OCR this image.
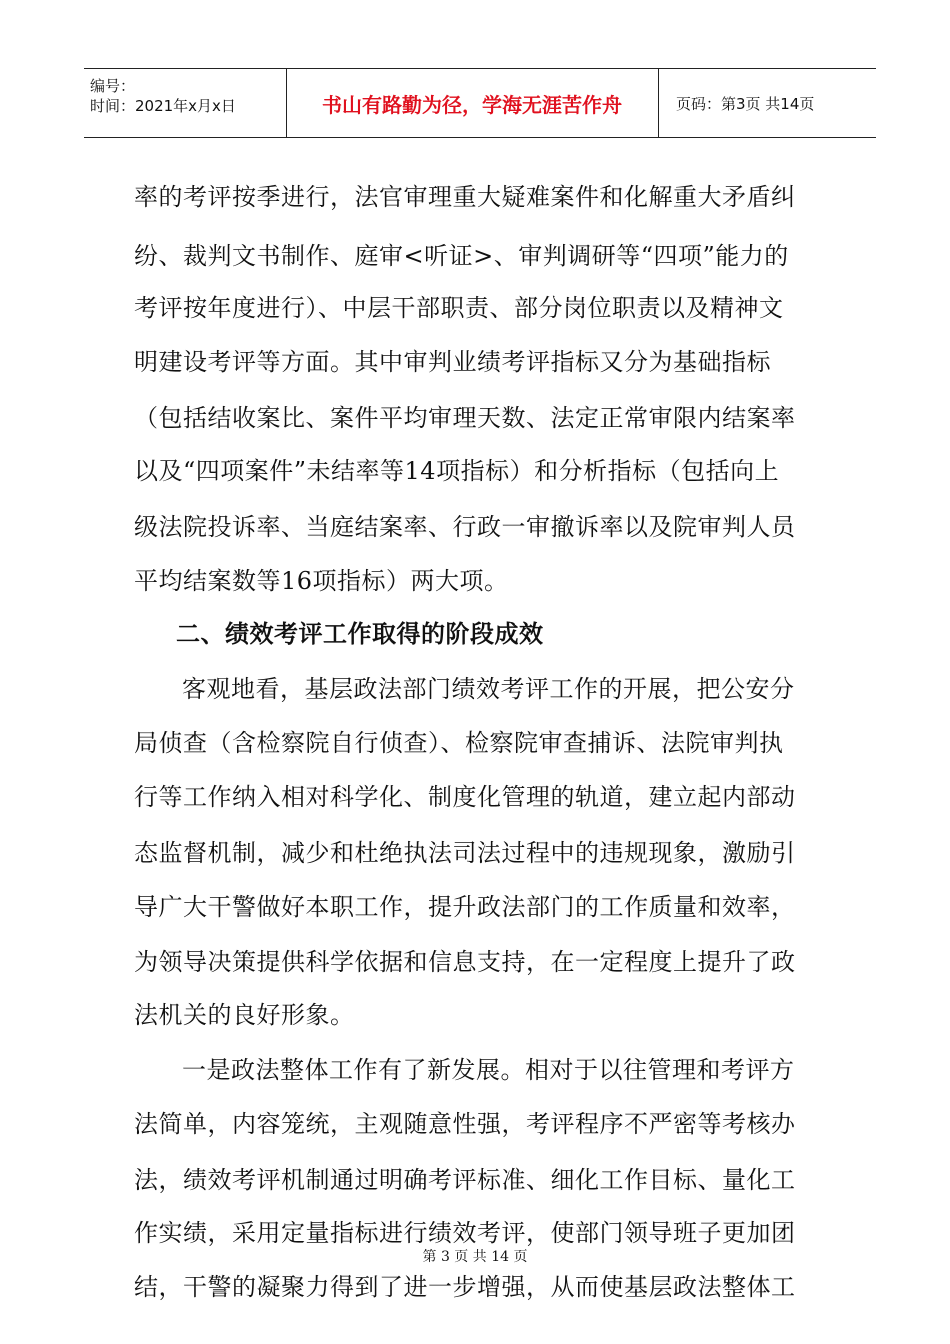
编号：
时间：2021年x月x日	书山有路勤为径，学海无涯苦作舟	页码：第3页 共14页
率的考评按季进行，法官审理重大疑难案件和化解重大矛盾纠
纷、裁判文书制作、庭审<听证>、审判调研等“四项”能力的
考评按年度进行）、中层干部职责、部分岗位职责以及精神文
明建设考评等方面。其中审判业绩考评指标又分为基础指标
（包括结收案比、案件平均审理天数、法定正常审限内结案率
以及“四项案件”未结率等14项指标）和分析指标（包括向上
级法院投诉率、当庭结案率、行政一审撤诉率以及院审判人员
平均结案数等16项指标）两大项。
二、绩效考评工作取得的阶段成效
客观地看，基层政法部门绩效考评工作的开展，把公安分
局侦查（含检察院自行侦查）、检察院审查捕诉、法院审判执
行等工作纳入相对科学化、制度化管理的轨道，建立起内部动
态监督机制，减少和杜绝执法司法过程中的违规现象，激励引
导广大干警做好本职工作，提升政法部门的工作质量和效率，
为领导决策提供科学依据和信息支持，在一定程度上提升了政
法机关的良好形象。
一是政法整体工作有了新发展。相对于以往管理和考评方
法简单，内容笼统，主观随意性强，考评程序不严密等考核办
法，绩效考评机制通过明确考评标准、细化工作目标、量化工
作实绩，采用定量指标进行绩效考评，使部门领导班子更加团
结，干警的凝聚力得到了进一步增强，从而使基层政法整体工
第 3 页 共 14 页
